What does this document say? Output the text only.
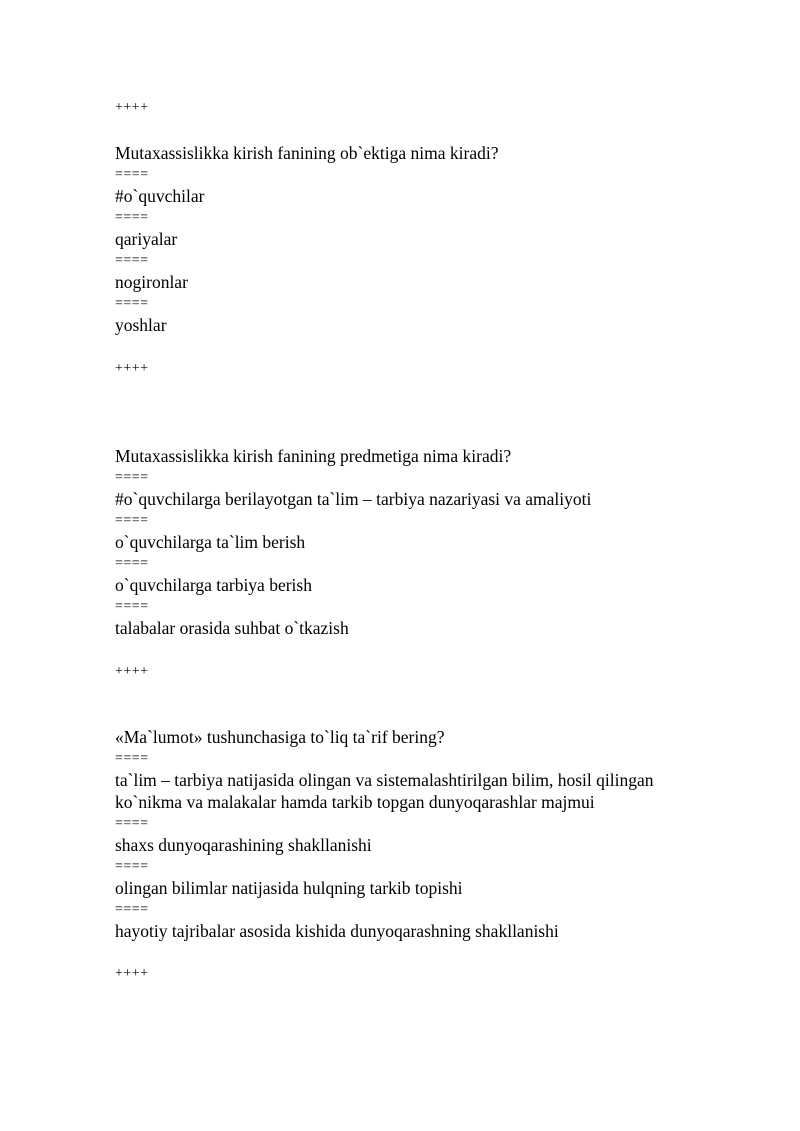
++++
Mutaxassislikka kirish fanining ob`ektiga nima kiradi?
====
#o`quvchilar
====
qariyalar
====
nogironlar
====
yoshlar
++++
Mutaxassislikka kirish fanining predmetiga nima kiradi?
====
#o`quvchilarga berilayotgan ta`lim – tarbiya nazariyasi va amaliyoti
====
o`quvchilarga ta`lim berish
====
o`quvchilarga tarbiya berish
====
talabalar orasida suhbat o`tkazish
++++
«Ma`lumot» tushunchasiga to`liq ta`rif bering?
====
ta`lim – tarbiya natijasida olingan va sistemalashtirilgan bilim, hosil qilingan
ko`nikma va malakalar hamda tarkib topgan dunyoqarashlar majmui
====
shaxs dunyoqarashining shakllanishi
====
olingan bilimlar natijasida hulqning tarkib topishi
====
hayotiy tajribalar asosida kishida dunyoqarashning shakllanishi
++++
